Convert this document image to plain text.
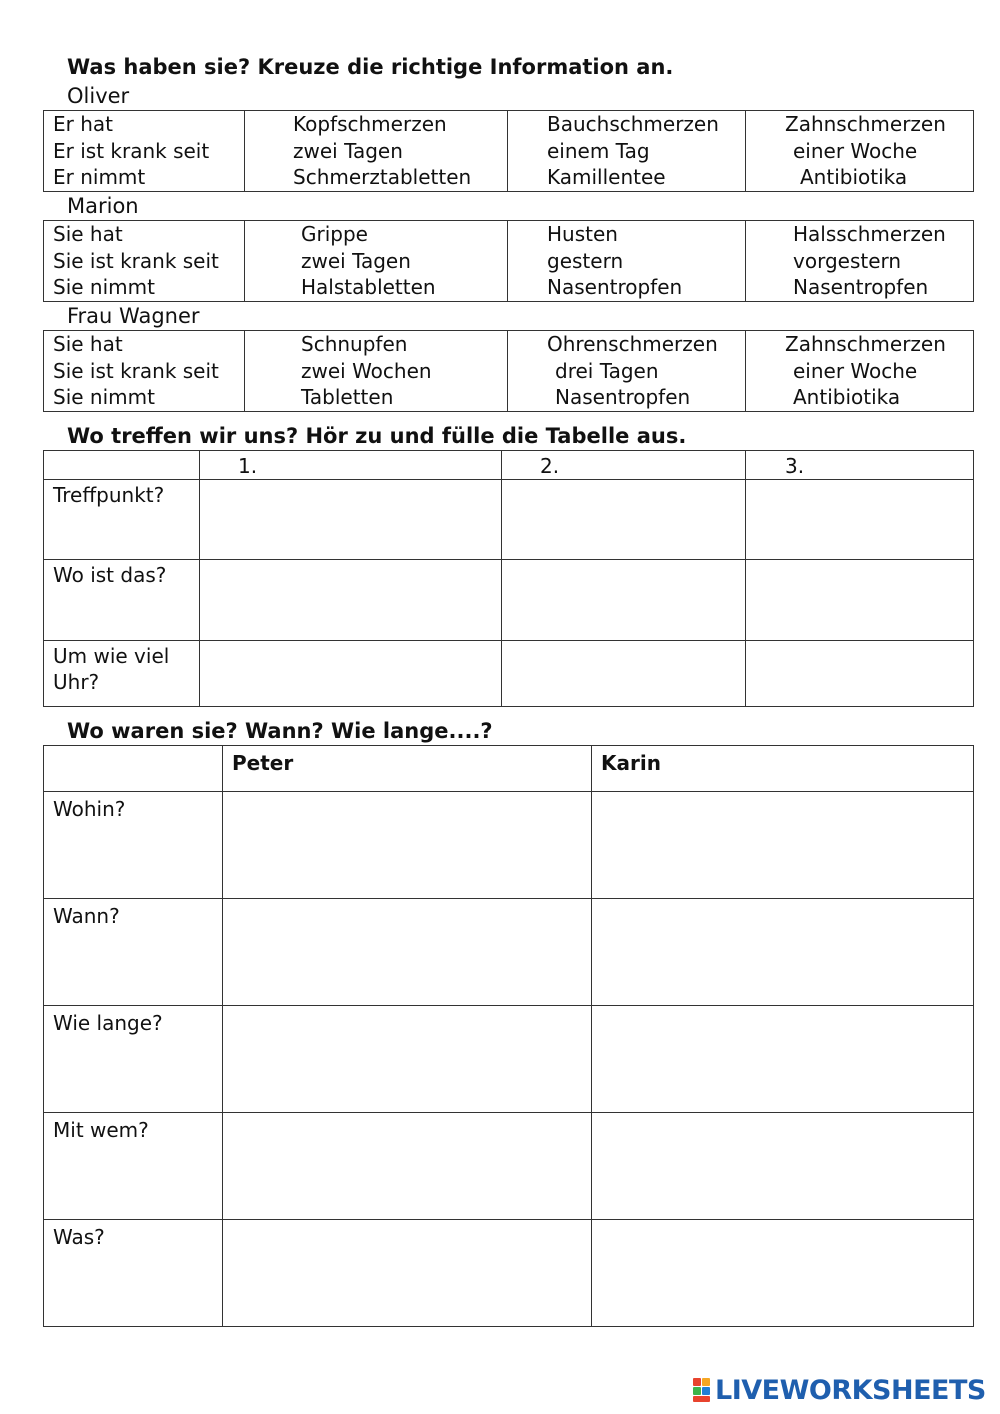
Was haben sie? Kreuze die richtige Information an.
Oliver
Er hat
Er ist krank seit
Er nimmt

Kopfschmerzen
zwei Tagen
Schmerztabletten

Bauchschmerzen
einem Tag
Kamillentee

Zahnschmerzen
einer Woche
Antibiotika
Marion
Sie hat
Sie ist krank seit
Sie nimmt

Grippe
zwei Tagen
Halstabletten

Husten
gestern
Nasentropfen

Halsschmerzen
vorgestern
Nasentropfen
Frau Wagner
Sie hat
Sie ist krank seit
Sie nimmt

Schnupfen
zwei Wochen
Tabletten

Ohrenschmerzen
drei Tagen
Nasentropfen

Zahnschmerzen
einer Woche
Antibiotika
Wo treffen wir uns? Hör zu und fülle die Tabelle aus.
	1.	2.	3.
Treffpunkt?			
Wo ist das?			
Um wie viel Uhr?			
Wo waren sie? Wann? Wie lange....?
	Peter	Karin
Wohin?		
Wann?		
Wie lange?		
Mit wem?		
Was?		
LIVEWORKSHEETS
